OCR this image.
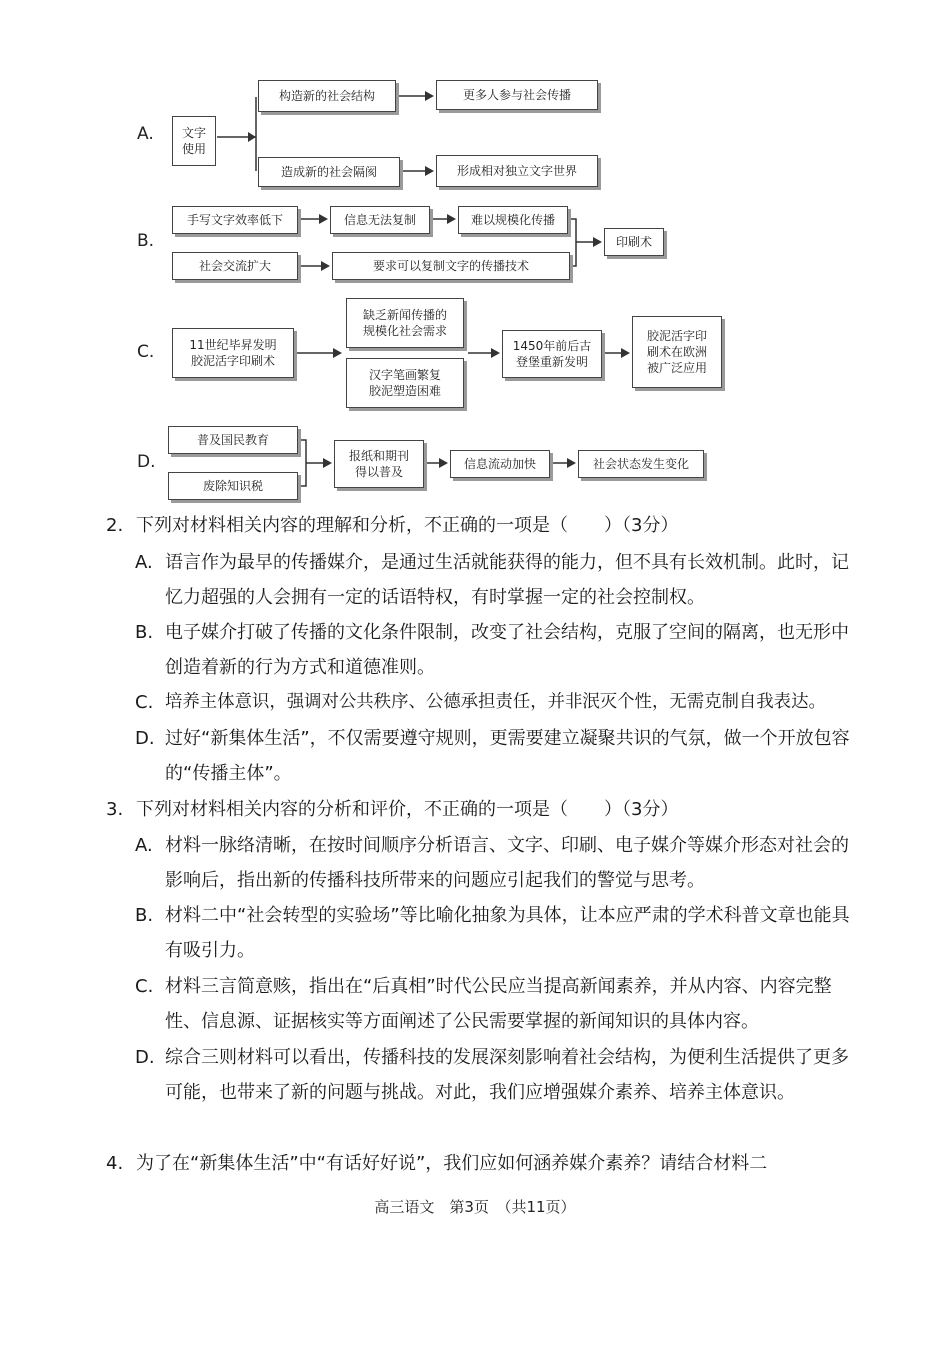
A.	文字
使用
构造新的社会结构	更多人参与社会传播
造成新的社会隔阂	形成相对独立文字世界
B.
手写文字效率低下	信息无法复制	难以规模化传播
社会交流扩大	要求可以复制文字的传播技术
印刷术
C.	11世纪毕昇发明
胶泥活字印刷术
缺乏新闻传播的
规模化社会需求
汉字笔画繁复
胶泥塑造困难
1450年前后古
登堡重新发明
胶泥活字印
刷术在欧洲
被广泛应用
D.
普及国民教育
废除知识税
报纸和期刊
得以普及
信息流动加快	社会状态发生变化
2. 下列对材料相关内容的理解和分析，不正确的一项是（　　）（3分）
A. 语言作为最早的传播媒介，是通过生活就能获得的能力，但不具有长效机制。此时，记忆力超强的人会拥有一定的话语特权，有时掌握一定的社会控制权。
B. 电子媒介打破了传播的文化条件限制，改变了社会结构，克服了空间的隔离，也无形中创造着新的行为方式和道德准则。
C. 培养主体意识，强调对公共秩序、公德承担责任，并非泯灭个性，无需克制自我表达。
D. 过好“新集体生活”，不仅需要遵守规则，更需要建立凝聚共识的气氛，做一个开放包容的“传播主体”。
3. 下列对材料相关内容的分析和评价，不正确的一项是（　　）（3分）
A. 材料一脉络清晰，在按时间顺序分析语言、文字、印刷、电子媒介等媒介形态对社会的影响后，指出新的传播科技所带来的问题应引起我们的警觉与思考。
B. 材料二中“社会转型的实验场”等比喻化抽象为具体，让本应严肃的学术科普文章也能具有吸引力。
C. 材料三言简意赅，指出在“后真相”时代公民应当提高新闻素养，并从内容、内容完整性、信息源、证据核实等方面阐述了公民需要掌握的新闻知识的具体内容。
D. 综合三则材料可以看出，传播科技的发展深刻影响着社会结构，为便利生活提供了更多可能，也带来了新的问题与挑战。对此，我们应增强媒介素养、培养主体意识。
4. 为了在“新集体生活”中“有话好好说”，我们应如何涵养媒介素养？请结合材料二
高三语文　第3页　（共11页）
